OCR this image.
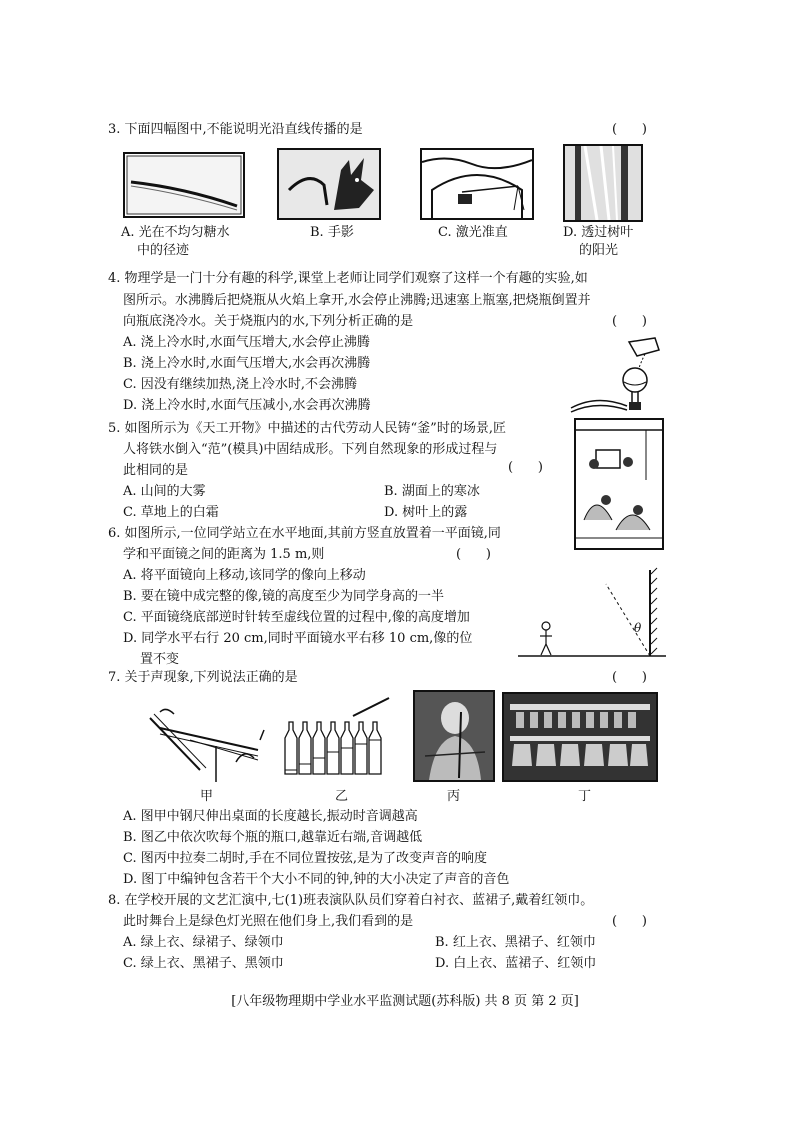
3. 下面四幅图中,不能说明光沿直线传播的是	(      )
A. 光在不均匀糖水
中的径迹
B. 手影	C. 激光准直	D. 透过树叶
的阳光
4. 物理学是一门十分有趣的科学,课堂上老师让同学们观察了这样一个有趣的实验,如
图所示。水沸腾后把烧瓶从火焰上拿开,水会停止沸腾;迅速塞上瓶塞,把烧瓶倒置并
向瓶底浇冷水。关于烧瓶内的水,下列分析正确的是	(      )
A. 浇上冷水时,水面气压增大,水会停止沸腾
B. 浇上冷水时,水面气压增大,水会再次沸腾
C. 因没有继续加热,浇上冷水时,不会沸腾
D. 浇上冷水时,水面气压减小,水会再次沸腾
5. 如图所示为《天工开物》中描述的古代劳动人民铸“釜”时的场景,匠
人将铁水倒入“范”(模具)中固结成形。下列自然现象的形成过程与
此相同的是	(      )
A. 山间的大雾	B. 湖面上的寒冰
C. 草地上的白霜	D. 树叶上的露
6. 如图所示,一位同学站立在水平地面,其前方竖直放置着一平面镜,同
学和平面镜之间的距离为 1.5 m,则	(      )
A. 将平面镜向上移动,该同学的像向上移动
B. 要在镜中成完整的像,镜的高度至少为同学身高的一半
C. 平面镜绕底部逆时针转至虚线位置的过程中,像的高度增加
D. 同学水平右行 20 cm,同时平面镜水平右移 10 cm,像的位
置不变
θ
7. 关于声现象,下列说法正确的是	(      )
甲	乙	丙	丁
A. 图甲中钢尺伸出桌面的长度越长,振动时音调越高
B. 图乙中依次吹每个瓶的瓶口,越靠近右端,音调越低
C. 图丙中拉奏二胡时,手在不同位置按弦,是为了改变声音的响度
D. 图丁中编钟包含若干个大小不同的钟,钟的大小决定了声音的音色
8. 在学校开展的文艺汇演中,七(1)班表演队队员们穿着白衬衣、蓝裙子,戴着红领巾。
此时舞台上是绿色灯光照在他们身上,我们看到的是	(      )
A. 绿上衣、绿裙子、绿领巾	B. 红上衣、黑裙子、红领巾
C. 绿上衣、黑裙子、黑领巾	D. 白上衣、蓝裙子、红领巾
[八年级物理期中学业水平监测试题(苏科版) 共 8 页 第 2 页]
